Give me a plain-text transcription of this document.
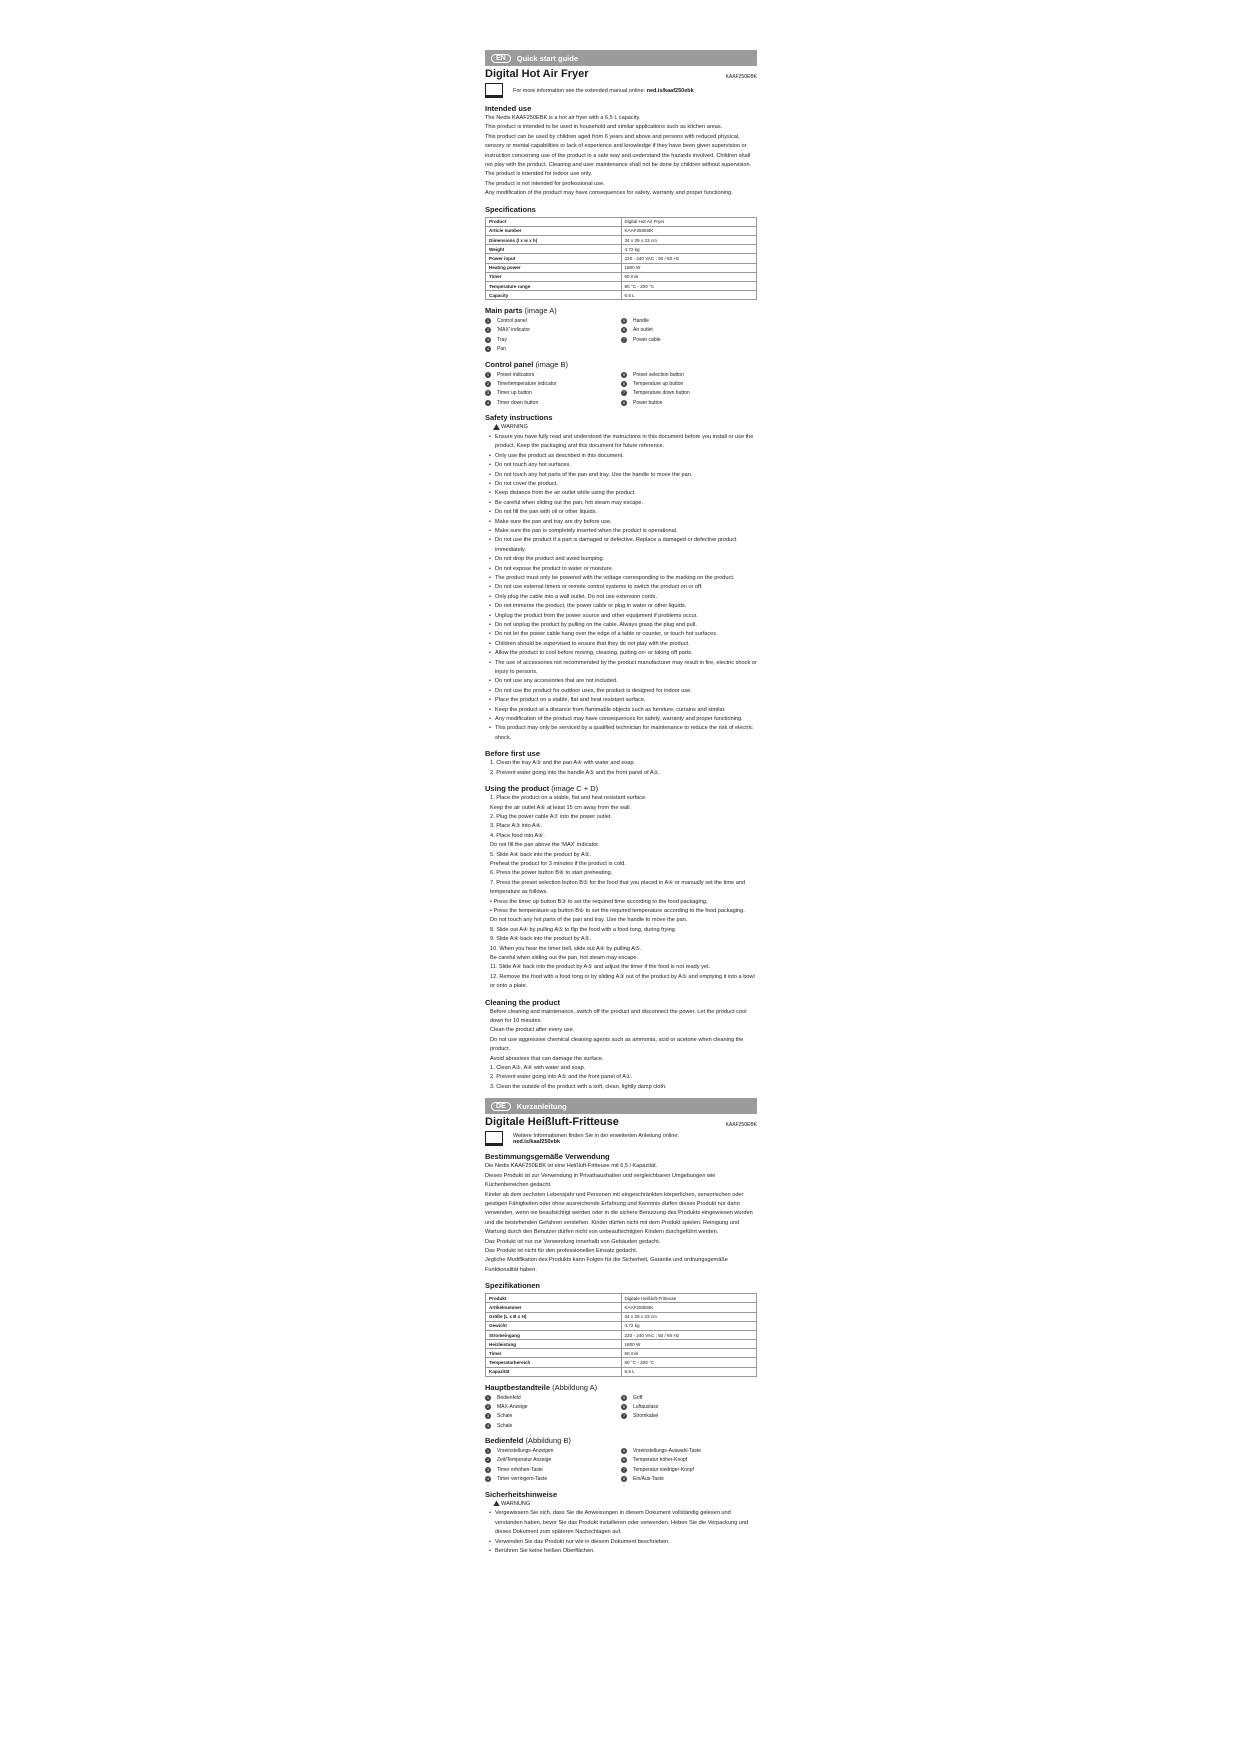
EN	Quick start guide
Digital Hot Air Fryer	KAAF250EBK
For more information see the extended manual online: ned.is/kaaf250ebk
Intended use

The Nedis KAAF250EBK is a hot air fryer with a 6,5 L capacity.

This product is intended to be used in household and similar applications such as kitchen areas.

This product can be used by children aged from 6 years and above and persons with reduced physical, sensory or mental capabilities or lack of experience and knowledge if they have been given supervision or instruction concerning use of the product in a safe way and understand the hazards involved. Children shall not play with the product. Cleaning and user maintenance shall not be done by children without supervision.

The product is intended for indoor use only.

The product is not intended for professional use.

Any modification of the product may have consequences for safety, warranty and proper functioning.

Specifications
Product	Digital Hot Air Fryer
Article number	KAAF250EBK
Dimensions (l x w x h)	34 x 29 x 33 cm
Weight	4.72 kg
Power input	220 - 240 VAC ; 50 / 60 Hz
Heating power	1800 W
Timer	60 min
Temperature range	80 °C - 200 °C
Capacity	6.5 L
Main parts (image A)
1	Control panel	5	Handle
2	'MAX' indicator	6	Air outlet
3	Tray	7	Power cable
4	Pan
Control panel (image B)
1	Preset indicators	5	Preset selection button
2	Time/temperature indicator	6	Temperature up button
3	Timer up button	7	Temperature down button
4	Timer down button	8	Power button
Safety instructions
WARNING
• Ensure you have fully read and understood the instructions in this document before you install or use the product. Keep the packaging and this document for future reference.
• Only use the product as described in this document.
• Do not touch any hot surfaces.
• Do not touch any hot parts of the pan and tray. Use the handle to move the pan.
• Do not cover the product.
• Keep distance from the air outlet while using the product.
• Be careful when sliding out the pan, hot steam may escape.
• Do not fill the pan with oil or other liquids.
• Make sure the pan and tray are dry before use.
• Make sure the pan is completely inserted when the product is operational.
• Do not use the product if a part is damaged or defective. Replace a damaged or defective product immediately.
• Do not drop the product and avoid bumping.
• Do not expose the product to water or moisture.
• The product must only be powered with the voltage corresponding to the marking on the product.
• Do not use external timers or remote control systems to switch the product on or off.
• Only plug the cable into a wall outlet. Do not use extension cords.
• Do not immerse the product, the power cable or plug in water or other liquids.
• Unplug the product from the power source and other equipment if problems occur.
• Do not unplug the product by pulling on the cable. Always grasp the plug and pull.
• Do not let the power cable hang over the edge of a table or counter, or touch hot surfaces.
• Children should be supervised to ensure that they do not play with the product.
• Allow the product to cool before moving, cleaning, putting on- or taking off parts.
• The use of accessories not recommended by the product manufacturer may result in fire, electric shock or injury to persons.
• Do not use any accessories that are not included.
• Do not use the product for outdoor uses, the product is designed for indoor use.
• Place the product on a stable, flat and heat resistant surface.
• Keep the product at a distance from flammable objects such as furniture, curtains and similar.
• Any modification of the product may have consequences for safety, warranty and proper functioning.
• This product may only be serviced by a qualified technician for maintenance to reduce the risk of electric shock.
Before first use
1. Clean the tray A③ and the pan A④ with water and soap.
2. Prevent water going into the handle A⑤ and the front panel of A①.
Using the product (image C + D)
1. Place the product on a stable, flat and heat resistant surface.
Keep the air outlet A⑥ at least 15 cm away from the wall.
2. Plug the power cable A⑦ into the power outlet.
3. Place A③ into A④.
4. Place food into A④.
Do not fill the pan above the 'MAX' indicator.
5. Slide A④ back into the product by A⑤.
Preheat the product for 3 minutes if the product is cold.
6. Press the power button B⑧ to start preheating.
7. Press the preset selection button B⑤ for the food that you placed in A④ or manually set the time and temperature as follows.
• Press the timer up button B③ to set the required time according to the food packaging.
• Press the temperature up button B⑥ to set the required temperature according to the food packaging.
Do not touch any hot parts of the pan and tray. Use the handle to move the pan.
8. Slide out A④ by pulling A⑤ to flip the food with a food tong, during frying.
9. Slide A④ back into the product by A⑤.
10. When you hear the timer bell, slide out A④ by pulling A⑤.
Be careful when sliding out the pan, hot steam may escape.
11. Slide A④ back into the product by A⑤ and adjust the timer if the food is not ready yet.
12. Remove the food with a food tong or by sliding A③ out of the product by A⑤ and emptying it into a bowl or onto a plate.
Cleaning the product
Before cleaning and maintenance, switch off the product and disconnect the power. Let the product cool down for 10 minutes.
Clean the product after every use.
Do not use aggressive chemical cleaning agents such as ammonia, acid or acetone when cleaning the product.
Avoid abrasives that can damage the surface.
1. Clean A③, A④ with water and soap.
2. Prevent water going into A⑤ and the front panel of A①.
3. Clean the outside of the product with a soft, clean, lightly damp cloth.
DE	Kurzanleitung
Digitale Heißluft-Fritteuse	KAAF250EBK
Weitere Informationen finden Sie in der erweiterten Anleitung online:
ned.is/kaaf250ebk
Bestimmungsgemäße Verwendung

Die Nedis KAAF250EBK ist eine Heißluft-Fritteuse mit 6,5 l Kapazität.

Dieses Produkt ist zur Verwendung in Privathaushalten und vergleichbaren Umgebungen wie Küchenbereichen gedacht.

Kinder ab dem sechsten Lebensjahr und Personen mit eingeschränkten körperlichen, sensorischen oder geistigen Fähigkeiten oder ohne ausreichende Erfahrung und Kenntnis dürfen dieses Produkt nur dann verwenden, wenn sie beaufsichtigt werden oder in die sichere Benutzung des Produkts eingewiesen wurden und die bestehenden Gefahren verstehen. Kinder dürfen nicht mit dem Produkt spielen. Reinigung und Wartung durch den Benutzer dürfen nicht von unbeaufsichtigten Kindern durchgeführt werden.

Das Produkt ist nur zur Verwendung innerhalb von Gebäuden gedacht.

Das Produkt ist nicht für den professionellen Einsatz gedacht.

Jegliche Modifikation des Produkts kann Folgen für die Sicherheit, Garantie und ordnungsgemäße Funktionalität haben.

Spezifikationen
Produkt	Digitale Heißluft-Fritteuse
Artikelnummer	KAAF250EBK
Größe (L x B x H)	34 x 29 x 33 cm
Gewicht	4,72 kg
Stromeingang	220 - 240 VAC ; 50 / 60 Hz
Heizleistung	1800 W
Timer	60 min
Temperaturbereich	80 °C - 200 °C
Kapazität	6,5 L
Hauptbestandteile (Abbildung A)
1	Bedienfeld	5	Griff
2	MAX-Anzeige	6	Luftauslass
3	Schale	7	Stromkabel
4	Schale
Bedienfeld (Abbildung B)
1	Voreinstellungs-Anzeigen	5	Voreinstellungs-Auswahl-Taste
2	Zeit/Temperatur Anzeige	6	Temperatur höher-Knopf
3	Timer erhöhen-Taste	7	Temperatur niedriger-Knopf
4	Timer verringern-Taste	8	Ein/Aus-Taste
Sicherheitshinweise
WARNUNG
• Vergewissern Sie sich, dass Sie die Anweisungen in diesem Dokument vollständig gelesen und verstanden haben, bevor Sie das Produkt installieren oder verwenden. Heben Sie die Verpackung und dieses Dokument zum späteren Nachschlagen auf.
• Verwenden Sie das Produkt nur wie in diesem Dokument beschrieben.
• Berühren Sie keine heißen Oberflächen.
